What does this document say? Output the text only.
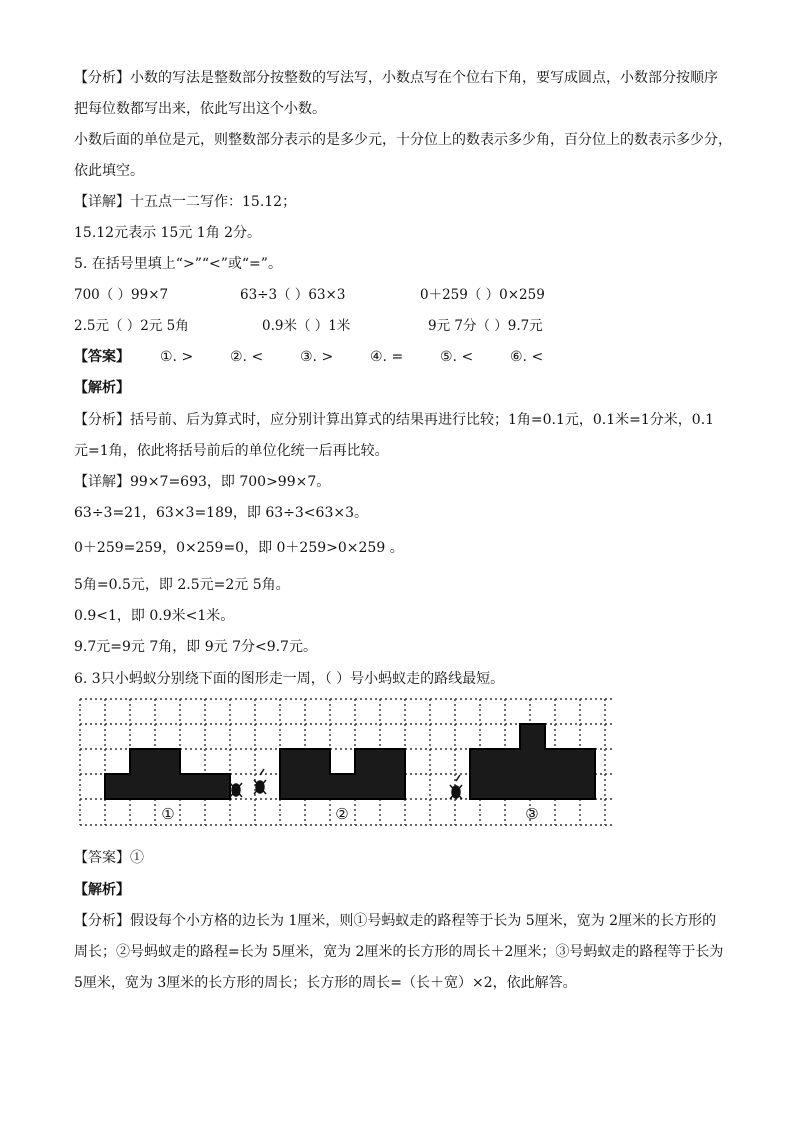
【分析】小数的写法是整数部分按整数的写法写，小数点写在个位右下角，要写成圆点，小数部分按顺序
把每位数都写出来，依此写出这个小数。
小数后面的单位是元，则整数部分表示的是多少元，十分位上的数表示多少角，百分位上的数表示多少分，
依此填空。
【详解】十五点一二写作：15.12；
15.12元表示 15元 1角 2分。
5. 在括号里填上“>”“<”或“=”。
700（ ）99×7	63÷3（ ）63×3	0＋259（ ）0×259
2.5元（ ）2元 5角	0.9米（ ）1米	9元 7分（ ）9.7元
【答案】 ①. >	②. <	③. >	④. =	⑤. <	⑥. <
【解析】
【分析】括号前、后为算式时，应分别计算出算式的结果再进行比较；1角=0.1元，0.1米=1分米，0.1
元=1角，依此将括号前后的单位化统一后再比较。
【详解】99×7=693，即 700>99×7。
63÷3=21，63×3=189，即 63÷3<63×3。
0＋259=259，0×259=0，即 0＋259>0×259 。
5角=0.5元，即 2.5元=2元 5角。
0.9<1，即 0.9米<1米。
9.7元=9元 7角，即 9元 7分<9.7元。
6. 3只小蚂蚁分别绕下面的图形走一周，（ ）号小蚂蚁走的路线最短。
①	②	③
【答案】①
【解析】
【分析】假设每个小方格的边长为 1厘米，则①号蚂蚁走的路程等于长为 5厘米，宽为 2厘米的长方形的
周长；②号蚂蚁走的路程=长为 5厘米，宽为 2厘米的长方形的周长＋2厘米；③号蚂蚁走的路程等于长为
5厘米，宽为 3厘米的长方形的周长；长方形的周长=（长＋宽）×2，依此解答。
